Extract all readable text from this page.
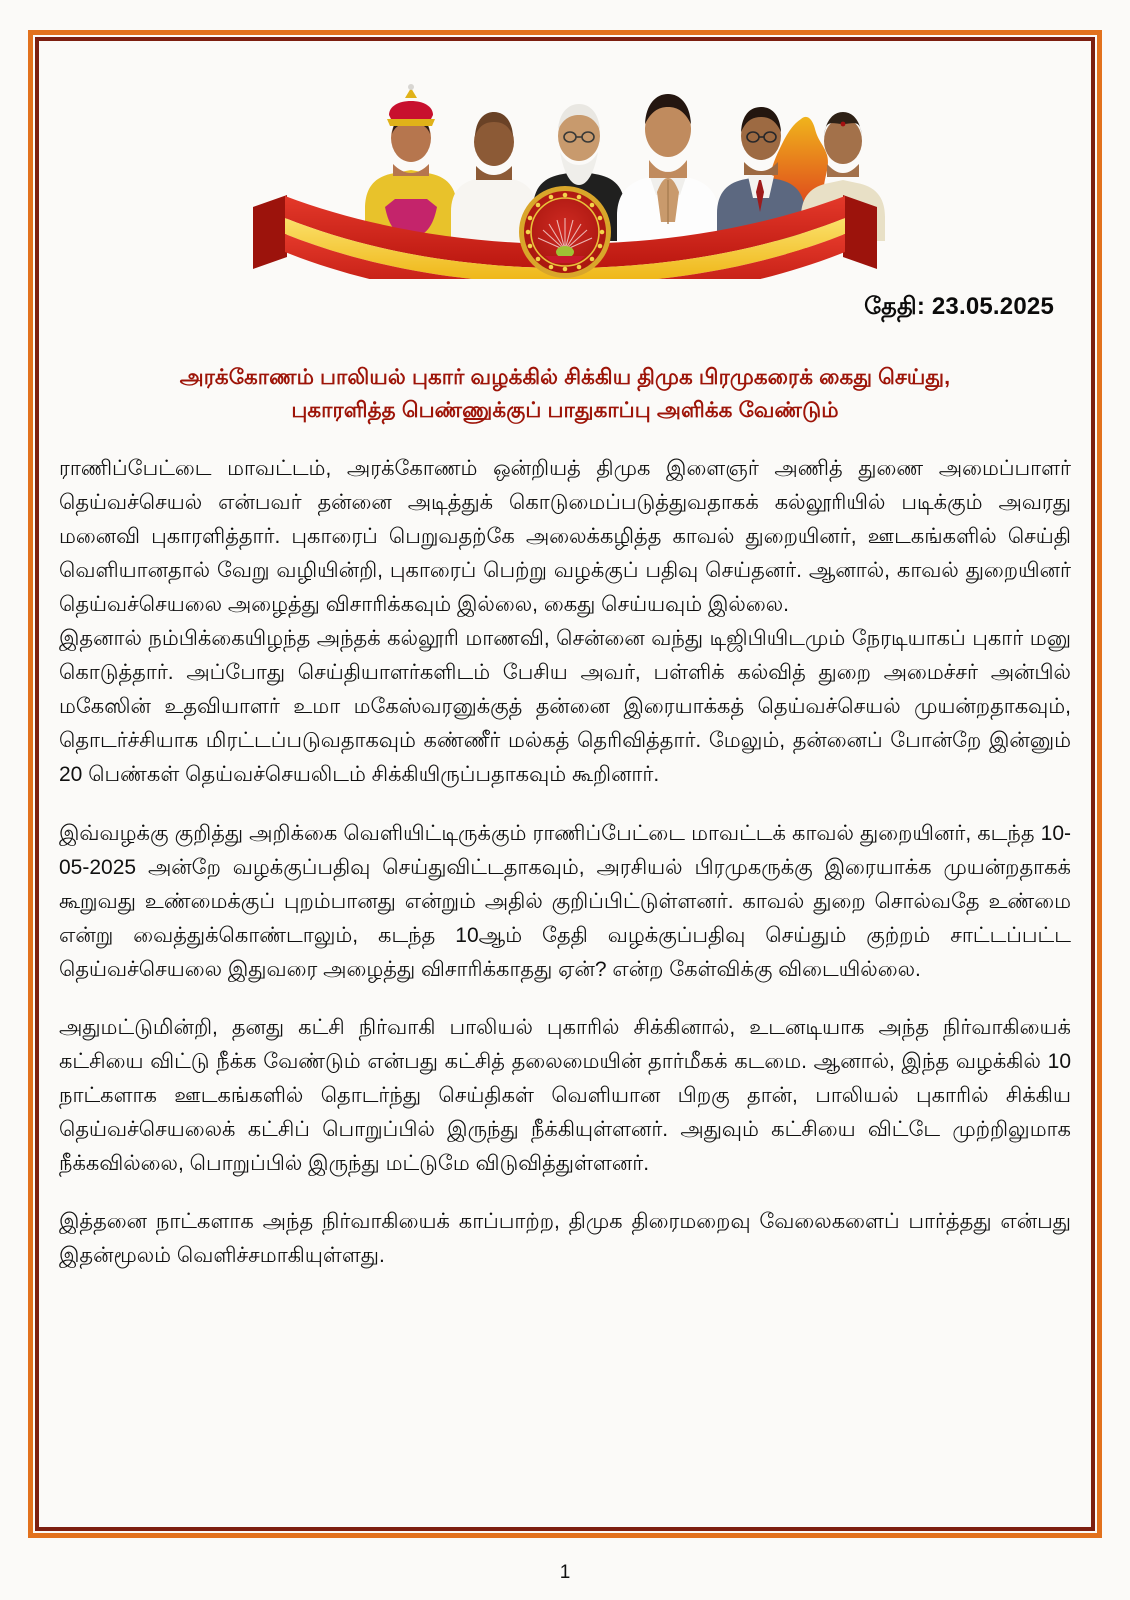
தேதி: 23.05.2025
அரக்கோணம் பாலியல் புகார் வழக்கில் சிக்கிய திமுக பிரமுகரைக் கைது செய்து,
புகாரளித்த பெண்ணுக்குப் பாதுகாப்பு அளிக்க வேண்டும்

ராணிப்பேட்டை மாவட்டம், அரக்கோணம் ஒன்றியத் திமுக இளைஞர் அணித் துணை அமைப்பாளர் தெய்வச்செயல் என்பவர் தன்னை அடித்துக் கொடுமைப்படுத்துவதாகக் கல்லூரியில் படிக்கும் அவரது மனைவி புகாரளித்தார். புகாரைப் பெறுவதற்கே அலைக்கழித்த காவல் துறையினர், ஊடகங்களில் செய்தி வெளியானதால் வேறு வழியின்றி, புகாரைப் பெற்று வழக்குப் பதிவு செய்தனர். ஆனால், காவல் துறையினர் தெய்வச்செயலை அழைத்து விசாரிக்கவும் இல்லை, கைது செய்யவும் இல்லை.

இதனால் நம்பிக்கையிழந்த அந்தக் கல்லூரி மாணவி, சென்னை வந்து டிஜிபியிடமும் நேரடியாகப் புகார் மனு கொடுத்தார். அப்போது செய்தியாளர்களிடம் பேசிய அவர், பள்ளிக் கல்வித் துறை அமைச்சர் அன்பில் மகேஸின் உதவியாளர் உமா மகேஸ்வரனுக்குத் தன்னை இரையாக்கத் தெய்வச்செயல் முயன்றதாகவும், தொடர்ச்சியாக மிரட்டப்படுவதாகவும் கண்ணீர் மல்கத் தெரிவித்தார். மேலும், தன்னைப் போன்றே இன்னும் 20 பெண்கள் தெய்வச்செயலிடம் சிக்கியிருப்பதாகவும் கூறினார்.

இவ்வழக்கு குறித்து அறிக்கை வெளியிட்டிருக்கும் ராணிப்பேட்டை மாவட்டக் காவல் துறையினர், கடந்த 10-05-2025 அன்றே வழக்குப்பதிவு செய்துவிட்டதாகவும், அரசியல் பிரமுகருக்கு இரையாக்க முயன்றதாகக் கூறுவது உண்மைக்குப் புறம்பானது என்றும் அதில் குறிப்பிட்டுள்ளனர். காவல் துறை சொல்வதே உண்மை என்று வைத்துக்கொண்டாலும், கடந்த 10ஆம் தேதி வழக்குப்பதிவு செய்தும் குற்றம் சாட்டப்பட்ட தெய்வச்செயலை இதுவரை அழைத்து விசாரிக்காதது ஏன்? என்ற கேள்விக்கு விடையில்லை.

அதுமட்டுமின்றி, தனது கட்சி நிர்வாகி பாலியல் புகாரில் சிக்கினால், உடனடியாக அந்த நிர்வாகியைக் கட்சியை விட்டு நீக்க வேண்டும் என்பது கட்சித் தலைமையின் தார்மீகக் கடமை. ஆனால், இந்த வழக்கில் 10 நாட்களாக ஊடகங்களில் தொடர்ந்து செய்திகள் வெளியான பிறகு தான், பாலியல் புகாரில் சிக்கிய தெய்வச்செயலைக் கட்சிப் பொறுப்பில் இருந்து நீக்கியுள்ளனர். அதுவும் கட்சியை விட்டே முற்றிலுமாக நீக்கவில்லை, பொறுப்பில் இருந்து மட்டுமே விடுவித்துள்ளனர்.

இத்தனை நாட்களாக அந்த நிர்வாகியைக் காப்பாற்ற, திமுக திரைமறைவு வேலைகளைப் பார்த்தது என்பது இதன்மூலம் வெளிச்சமாகியுள்ளது.

1
